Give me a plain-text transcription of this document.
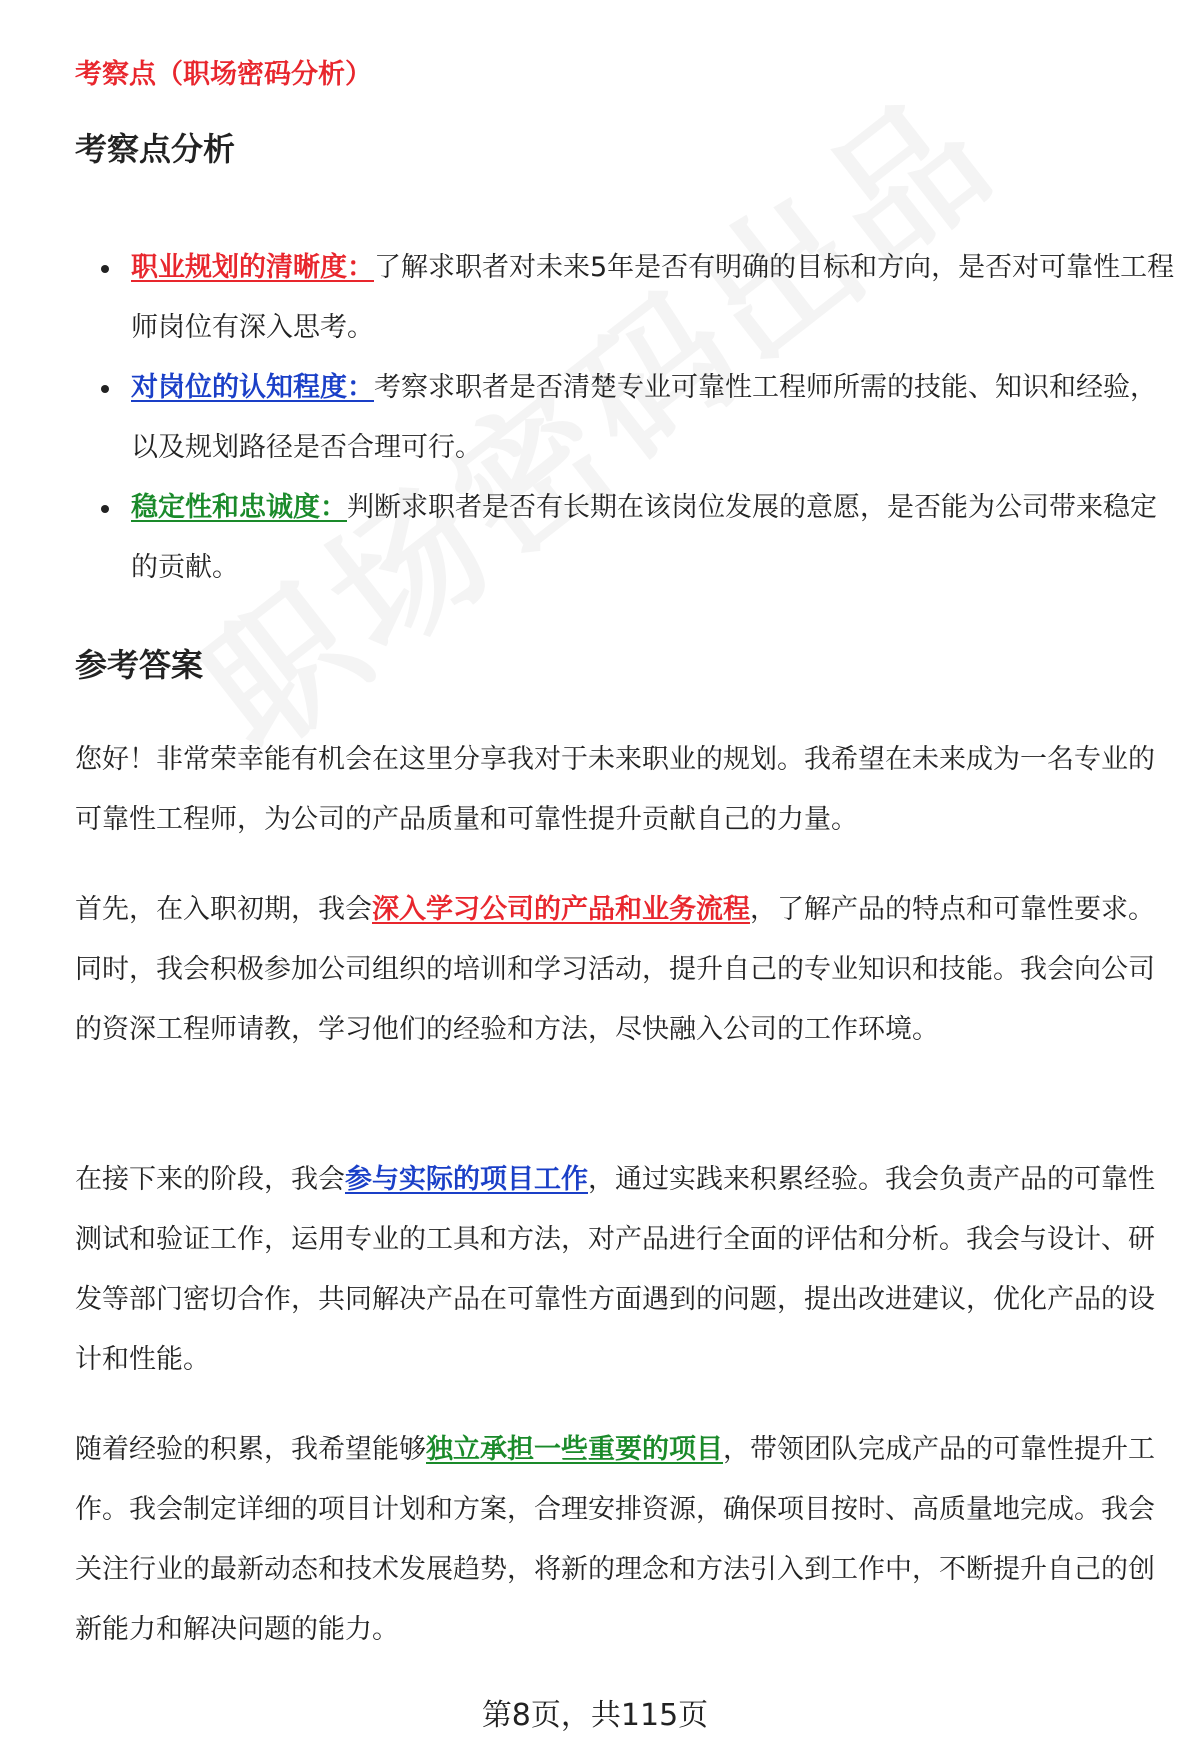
考察点（职场密码分析）
考察点分析
职业规划的清晰度：了解求职者对未来5年是否有明确的目标和方向，是否对可靠性工程师岗位有深入思考。
对岗位的认知程度：考察求职者是否清楚专业可靠性工程师所需的技能、知识和经验，以及规划路径是否合理可行。
稳定性和忠诚度：判断求职者是否有长期在该岗位发展的意愿，是否能为公司带来稳定的贡献。
参考答案

您好！非常荣幸能有机会在这里分享我对于未来职业的规划。我希望在未来成为一名专业的可靠性工程师，为公司的产品质量和可靠性提升贡献自己的力量。

首先，在入职初期，我会深入学习公司的产品和业务流程，了解产品的特点和可靠性要求。同时，我会积极参加公司组织的培训和学习活动，提升自己的专业知识和技能。我会向公司的资深工程师请教，学习他们的经验和方法，尽快融入公司的工作环境。

在接下来的阶段，我会参与实际的项目工作，通过实践来积累经验。我会负责产品的可靠性测试和验证工作，运用专业的工具和方法，对产品进行全面的评估和分析。我会与设计、研发等部门密切合作，共同解决产品在可靠性方面遇到的问题，提出改进建议，优化产品的设计和性能。

随着经验的积累，我希望能够独立承担一些重要的项目，带领团队完成产品的可靠性提升工作。我会制定详细的项目计划和方案，合理安排资源，确保项目按时、高质量地完成。我会关注行业的最新动态和技术发展趋势，将新的理念和方法引入到工作中，不断提升自己的创新能力和解决问题的能力。

第8页，共115页
